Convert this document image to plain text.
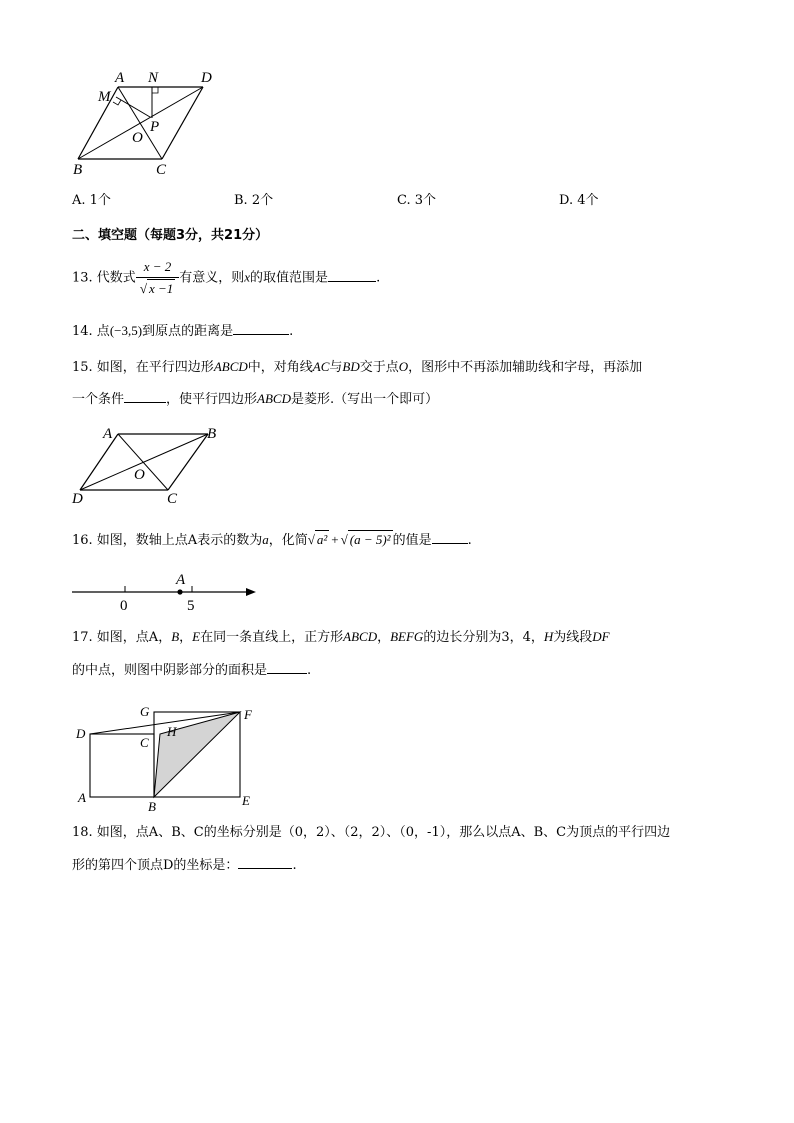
A N	D
M
P
O
B	C
A. 1个	B. 2个	C. 3个	D. 4个
二、填空题（每题3分，共21分）
13. 代数式 $\frac{x - 2}{√ x -1}$ 有意义，则x的取值范围是	.
14. 点(−3,5)到原点的距离是	.
15. 如图，在平行四边形ABCD中，对角线AC与BD交于点O，图形中不再添加辅助线和字母，再添加
一个条件	，使平行四边形ABCD是菱形.（写出一个即可）
A	B
O
D	C
16. 如图，数轴上点A表示的数为a，化简√ a² + √ (a − 5)² 的值是	.
0	5
A
17. 如图，点A，B，E在同一条直线上，正方形ABCD，BEFG的边长分别为3，4，H为线段DF
的中点，则图中阴影部分的面积是	.
G	F
D
C
H
A
B	E
18. 如图，点A、B、C的坐标分别是（0，2）、（2，2）、（0，-1），那么以点A、B、C为顶点的平行四边
形的第四个顶点D的坐标是：	.
